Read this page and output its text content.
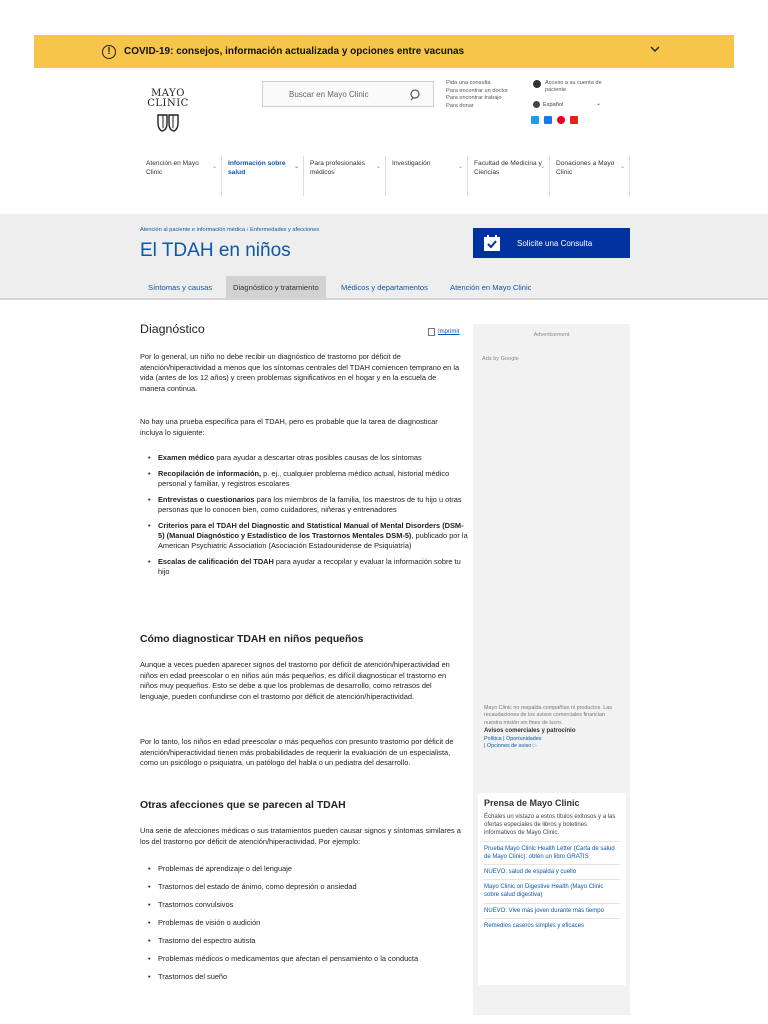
!	COVID-19: consejos, información actualizada y opciones entre vacunas
MAYO
CLINIC
Buscar en Mayo Clinic
Pida una consulta
Para encontrar un doctor
Para encontrar trabajo
Para donar
Acceso a su cuenta de paciente
Español	⌄
Atención en Mayo Clinic
⌄	Información sobre salud
⌄	Para profesionales médicos
⌄	Investigación	⌄	Facultad de Medicina y Ciencias
⌄	Donaciones a Mayo Clinic
⌄
Atención al paciente e información médica › Enfermedades y afecciones
El TDAH en niños	Solicite una Consulta
Síntomas y causas	Diagnóstico y tratamiento	Médicos y departamentos	Atención en Mayo Clinic
Diagnóstico	Imprimir

Por lo general, un niño no debe recibir un diagnóstico de trastorno por déficit de atención/hiperactividad a menos que los síntomas centrales del TDAH comiencen temprano en la vida (antes de los 12 años) y creen problemas significativos en el hogar y en la escuela de manera continua.

No hay una prueba específica para el TDAH, pero es probable que la tarea de diagnosticar incluya lo siguiente:

• Examen médico para ayudar a descartar otras posibles causas de los síntomas
• Recopilación de información, p. ej., cualquier problema médico actual, historial médico personal y familiar, y registros escolares
• Entrevistas o cuestionarios para los miembros de la familia, los maestros de tu hijo u otras personas que lo conocen bien, como cuidadores, niñeras y entrenadores
• Criterios para el TDAH del Diagnostic and Statistical Manual of Mental Disorders (DSM-5) (Manual Diagnóstico y Estadístico de los Trastornos Mentales DSM-5), publicado por la American Psychiatric Association (Asociación Estadounidense de Psiquiatría)
• Escalas de calificación del TDAH para ayudar a recopilar y evaluar la información sobre tu hijo
Cómo diagnosticar TDAH en niños pequeños

Aunque a veces pueden aparecer signos del trastorno por déficit de atención/hiperactividad en niños en edad preescolar o en niños aún más pequeños, es difícil diagnosticar el trastorno en niños muy pequeños. Esto se debe a que los problemas de desarrollo, como retrasos del lenguaje, pueden confundirse con el trastorno por déficit de atención/hiperactividad.

Por lo tanto, los niños en edad preescolar o más pequeños con presunto trastorno por déficit de atención/hiperactividad tienen más probabilidades de requerir la evaluación de un especialista, como un psicólogo o psiquiatra, un patólogo del habla o un pediatra del desarrollo.

Otras afecciones que se parecen al TDAH

Una serie de afecciones médicas o sus tratamientos pueden causar signos y síntomas similares a los del trastorno por déficit de atención/hiperactividad. Por ejemplo:

• Problemas de aprendizaje o del lenguaje
• Trastornos del estado de ánimo, como depresión o ansiedad
• Trastornos convulsivos
• Problemas de visión o audición
• Trastorno del espectro autista
• Problemas médicos o medicamentos que afectan el pensamiento o la conducta
• Trastornos del sueño
Advertisement
Ads by Google
Mayo Clinic no respalda compañías ni productos. Las recaudaciones de los avisos comerciales financian nuestra misión sin fines de lucro.
Avisos comerciales y patrocinio
Política | Oportunidades
| Opciones de aviso ▷
Prensa de Mayo Clinic
Échales un vistazo a estos títulos exitosos y a las ofertas especiales de libros y boletines informativos de Mayo Clinic.
Prueba Mayo Clinic Health Letter (Carta de salud de Mayo Clinic): obtén un libro GRATIS
NUEVO: salud de espalda y cuello
Mayo Clinic on Digestive Health (Mayo Clinic sobre salud digestiva)
NUEVO: Vive más joven durante más tiempo
Remedios caseros simples y eficaces
